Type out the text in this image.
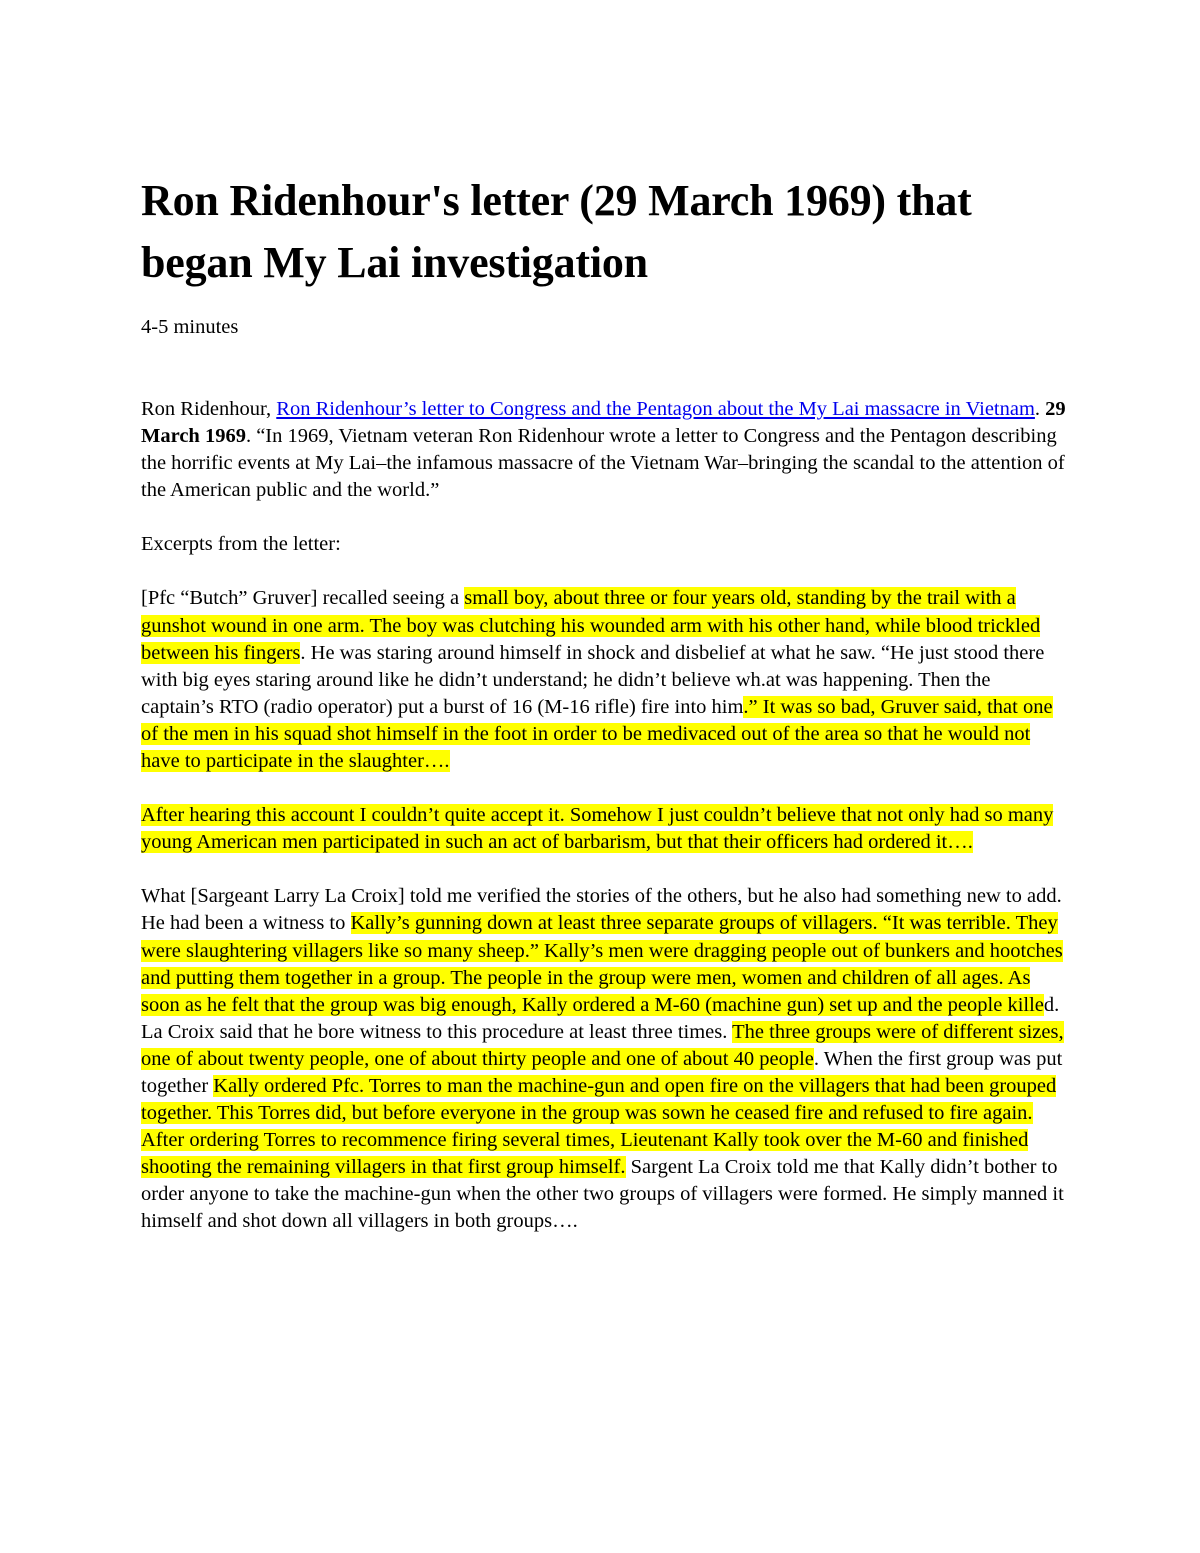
Ron Ridenhour's letter (29 March 1969) that began My Lai investigation

4-5 minutes

Ron Ridenhour, Ron Ridenhour’s letter to Congress and the Pentagon about the My Lai massacre in Vietnam. 29 March 1969. “In 1969, Vietnam veteran Ron Ridenhour wrote a letter to Congress and the Pentagon describing the horrific events at My Lai–the infamous massacre of the Vietnam War–bringing the scandal to the attention of the American public and the world.”

Excerpts from the letter:

[Pfc “Butch” Gruver] recalled seeing a small boy, about three or four years old, standing by the trail with a gunshot wound in one arm. The boy was clutching his wounded arm with his other hand, while blood trickled between his fingers. He was staring around himself in shock and disbelief at what he saw. “He just stood there with big eyes staring around like he didn’t understand; he didn’t believe wh.at was happening. Then the captain’s RTO (radio operator) put a burst of 16 (M-16 rifle) fire into him.” It was so bad, Gruver said, that one of the men in his squad shot himself in the foot in order to be medivaced out of the area so that he would not have to participate in the slaughter….

After hearing this account I couldn’t quite accept it. Somehow I just couldn’t believe that not only had so many young American men participated in such an act of barbarism, but that their officers had ordered it….

What [Sargeant Larry La Croix] told me verified the stories of the others, but he also had something new to add. He had been a witness to Kally’s gunning down at least three separate groups of villagers. “It was terrible. They were slaughtering villagers like so many sheep.” Kally’s men were dragging people out of bunkers and hootches and putting them together in a group. The people in the group were men, women and children of all ages. As soon as he felt that the group was big enough, Kally ordered a M-60 (machine gun) set up and the people killed. La Croix said that he bore witness to this procedure at least three times. The three groups were of different sizes, one of about twenty people, one of about thirty people and one of about 40 people. When the first group was put together Kally ordered Pfc. Torres to man the machine-gun and open fire on the villagers that had been grouped together. This Torres did, but before everyone in the group was sown he ceased fire and refused to fire again. After ordering Torres to recommence firing several times, Lieutenant Kally took over the M-60 and finished shooting the remaining villagers in that first group himself. Sargent La Croix told me that Kally didn’t bother to order anyone to take the machine-gun when the other two groups of villagers were formed. He simply manned it himself and shot down all villagers in both groups….
